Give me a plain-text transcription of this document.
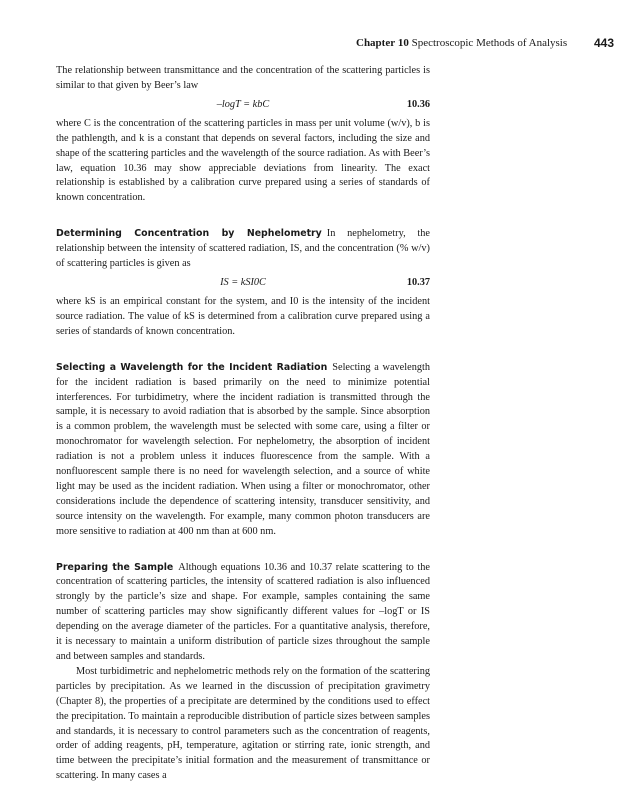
Chapter 10 Spectroscopic Methods of Analysis 443

The relationship between transmittance and the concentration of the scattering particles is similar to that given by Beer’s law

–logT = kbC	10.36

where C is the concentration of the scattering particles in mass per unit volume (w/v), b is the pathlength, and k is a constant that depends on several factors, including the size and shape of the scattering particles and the wavelength of the source radiation. As with Beer’s law, equation 10.36 may show appreciable deviations from linearity. The exact relationship is established by a calibration curve prepared using a series of standards of known concentration.

Determining Concentration by Nephelometry In nephelometry, the relationship between the intensity of scattered radiation, IS, and the concentration (% w/v) of scattering particles is given as

IS = kSI0C	10.37

where kS is an empirical constant for the system, and I0 is the intensity of the incident source radiation. The value of kS is determined from a calibration curve prepared using a series of standards of known concentration.

Selecting a Wavelength for the Incident Radiation Selecting a wavelength for the incident radiation is based primarily on the need to minimize potential interferences. For turbidimetry, where the incident radiation is transmitted through the sample, it is necessary to avoid radiation that is absorbed by the sample. Since absorption is a common problem, the wavelength must be selected with some care, using a filter or monochromator for wavelength selection. For nephelometry, the absorption of incident radiation is not a problem unless it induces fluorescence from the sample. With a nonfluorescent sample there is no need for wavelength selection, and a source of white light may be used as the incident radiation. When using a filter or monochromator, other considerations include the dependence of scattering intensity, transducer sensitivity, and source intensity on the wavelength. For example, many common photon transducers are more sensitive to radiation at 400 nm than at 600 nm.

Preparing the Sample Although equations 10.36 and 10.37 relate scattering to the concentration of scattering particles, the intensity of scattered radiation is also influenced strongly by the particle’s size and shape. For example, samples containing the same number of scattering particles may show significantly different values for –logT or IS depending on the average diameter of the particles. For a quantitative analysis, therefore, it is necessary to maintain a uniform distribution of particle sizes throughout the sample and between samples and standards.

Most turbidimetric and nephelometric methods rely on the formation of the scattering particles by precipitation. As we learned in the discussion of precipitation gravimetry (Chapter 8), the properties of a precipitate are determined by the conditions used to effect the precipitation. To maintain a reproducible distribution of particle sizes between samples and standards, it is necessary to control parameters such as the concentration of reagents, order of adding reagents, pH, temperature, agitation or stirring rate, ionic strength, and time between the precipitate’s initial formation and the measurement of transmittance or scattering. In many cases a
